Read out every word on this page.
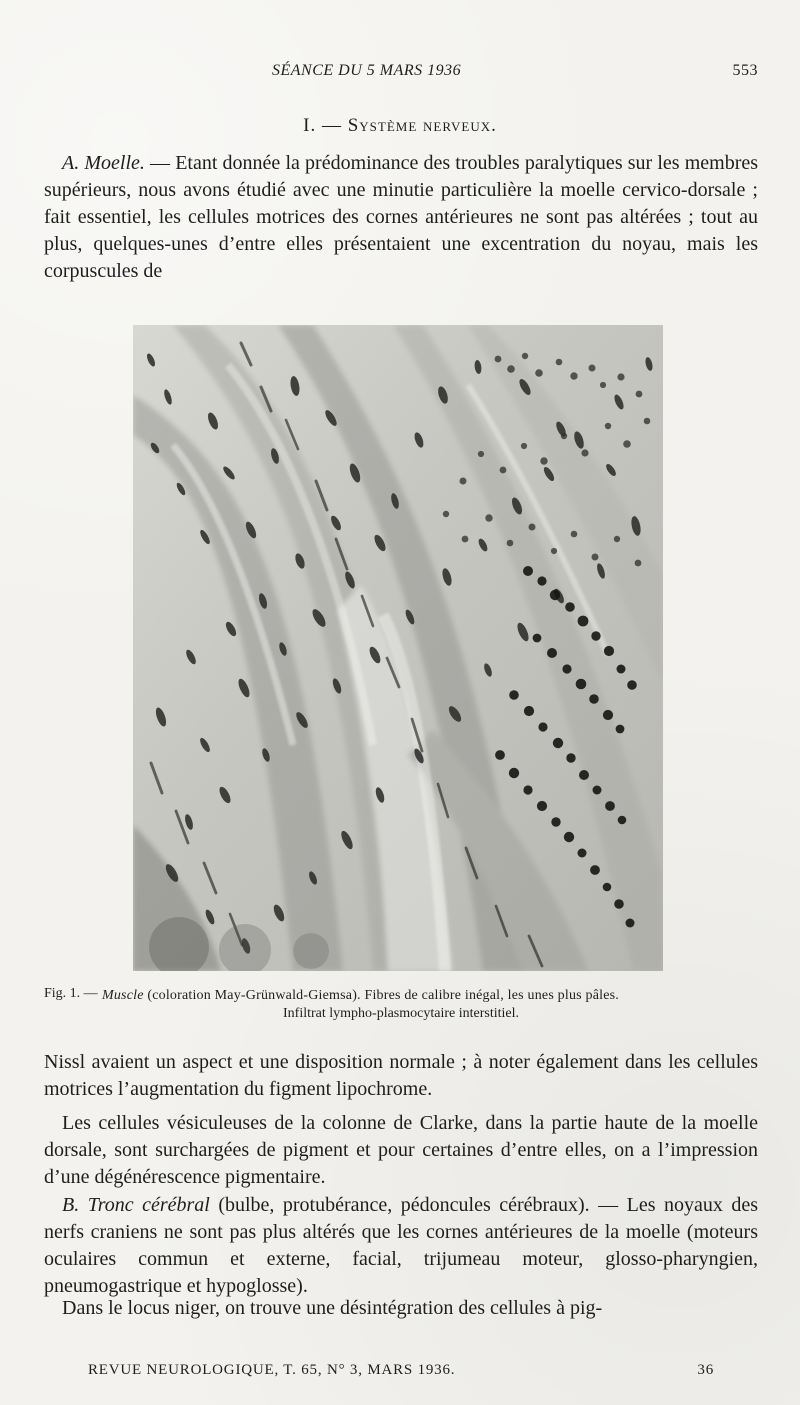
SÉANCE DU 5 MARS 1936	553
I. — Système nerveux.

A. Moelle. — Etant donnée la prédominance des troubles paralytiques sur les membres supérieurs, nous avons étudié avec une minutie particulière la moelle cervico-dorsale ; fait essentiel, les cellules motrices des cornes antérieures ne sont pas altérées ; tout au plus, quelques-unes d’entre elles présentaient une excentration du noyau, mais les corpuscules de

Fig. 1. — Muscle (coloration May-Grünwald-Giemsa). Fibres de calibre inégal, les unes plus pâles.
Infiltrat lympho-plasmocytaire interstitiel.

Nissl avaient un aspect et une disposition normale ; à noter également dans les cellules motrices l’augmentation du figment lipochrome.

Les cellules vésiculeuses de la colonne de Clarke, dans la partie haute de la moelle dorsale, sont surchargées de pigment et pour certaines d’entre elles, on a l’impression d’une dégénérescence pigmentaire.

B. Tronc cérébral (bulbe, protubérance, pédoncules cérébraux). — Les noyaux des nerfs craniens ne sont pas plus altérés que les cornes antérieures de la moelle (moteurs oculaires commun et externe, facial, trijumeau moteur, glosso-pharyngien, pneumogastrique et hypoglosse).

Dans le locus niger, on trouve une désintégration des cellules à pig-

REVUE NEUROLOGIQUE, T. 65, N° 3, MARS 1936.	36
